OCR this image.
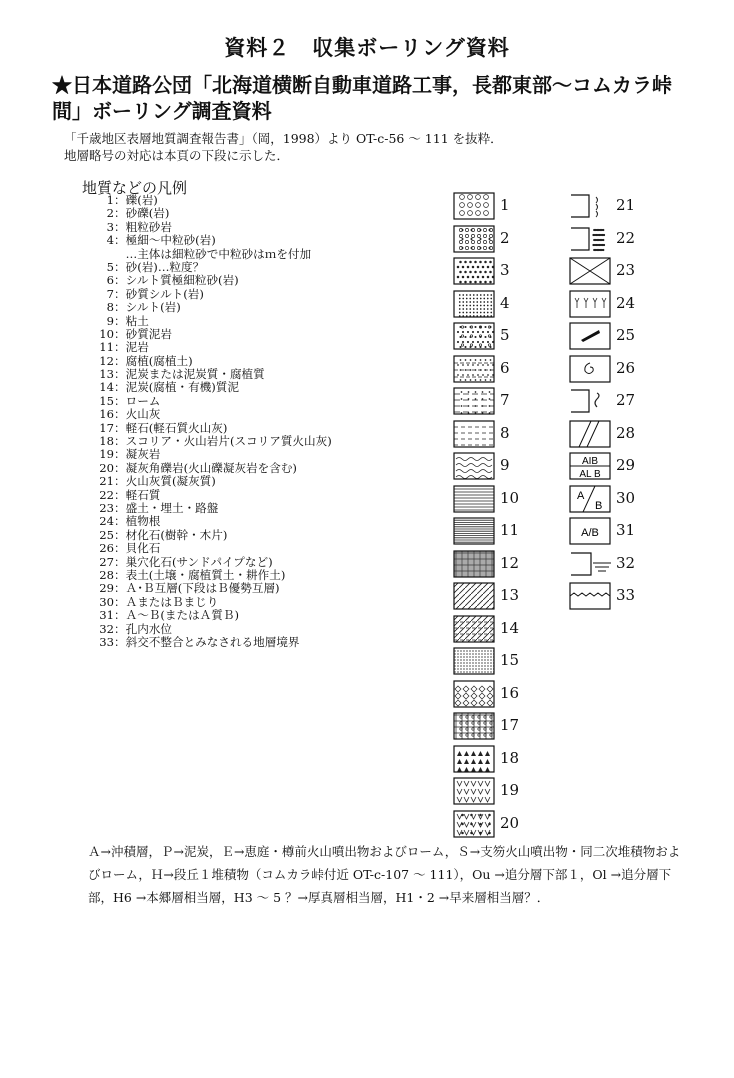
資料２　収集ボーリング資料
★日本道路公団「北海道横断自動車道路工事，長都東部～コムカラ峠間」ボーリング調査資料
「千歳地区表層地質調査報告書」（岡，1998）より OT-c-56 ～ 111 を抜粋．
地層略号の対応は本頁の下段に示した．
地質などの凡例
1：礫(岩)
2：砂礫(岩)
3：粗粒砂岩
4：極細～中粒砂(岩)
　…主体は細粒砂で中粒砂はｍを付加
5：砂(岩)…粒度？
6：シルト質極細粒砂(岩)
7：砂質シルト(岩)
8：シルト(岩)
9：粘土
10：砂質泥岩
11：泥岩
12：腐植(腐植土)
13：泥炭または泥炭質・腐植質
14：泥炭(腐植・有機)質泥
15：ローム
16：火山灰
17：軽石(軽石質火山灰)
18：スコリア・火山岩片(スコリア質火山灰)
19：凝灰岩
20：凝灰角礫岩(火山礫凝灰岩を含む)
21：火山灰質(凝灰質)
22：軽石質
23：盛土・埋土・路盤
24：植物根
25：材化石(樹幹・木片)
26：貝化石
27：巣穴化石(サンドパイプなど)
28：表土(土壌・腐植質土・耕作土)
29：Ａ･Ｂ互層(下段はＢ優勢互層)
30：ＡまたはＢまじり
31：Ａ～Ｂ(またはＡ質Ｂ)
32：孔内水位
33：斜交不整合とみなされる地層境界
1
2
3
4
5
6
7
8
9
10
11
12
13
14
15
16
17
18
19
20
21
22
23
24
25
26
27
28
AIB
AL B
29
A
B 30
A/B 31
32
33
Ａ→沖積層，Ｐ→泥炭，Ｅ→恵庭・樽前火山噴出物およびローム，Ｓ→支笏火山噴出物・同二次堆積物およびローム，Ｈ→段丘１堆積物（コムカラ峠付近 OT-c-107 ～ 111），Ou →追分層下部１，Ol →追分層下部，H6 →本郷層相当層，H3 ～ 5 ？→厚真層相当層，H1・2 →早来層相当層？．
